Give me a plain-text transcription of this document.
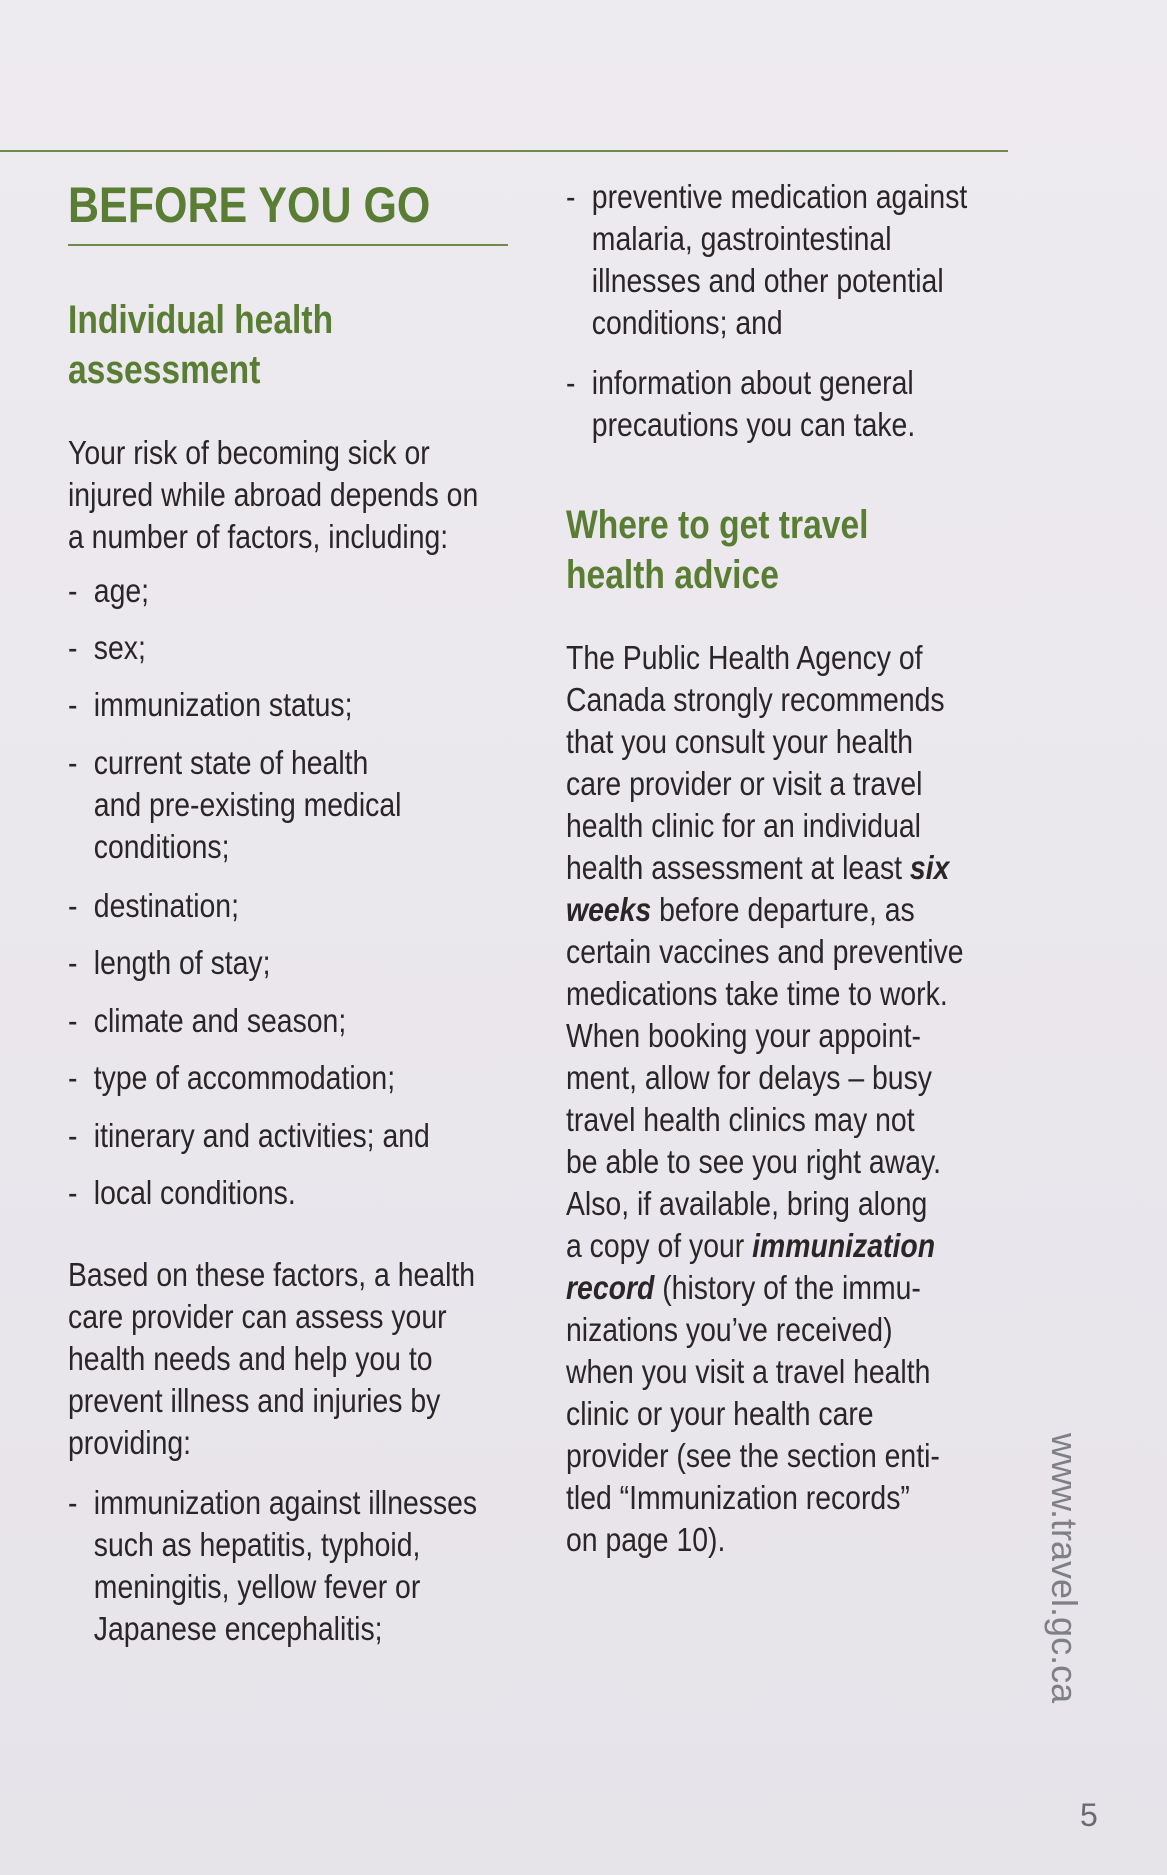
BEFORE YOU GO
Individual health
assessment
Your risk of becoming sick or
injured while abroad depends on
a number of factors, including:
- age;
- sex;
- immunization status;
- current state of health
and pre-existing medical
conditions;
- destination;
- length of stay;
- climate and season;
- type of accommodation;
- itinerary and activities; and
- local conditions.
Based on these factors, a health
care provider can assess your
health needs and help you to
prevent illness and injuries by
providing:
- immunization against illnesses
such as hepatitis, typhoid,
meningitis, yellow fever or
Japanese encephalitis;
- preventive medication against
malaria, gastrointestinal
illnesses and other potential
conditions; and
- information about general
precautions you can take.
Where to get travel
health advice
The Public Health Agency of
Canada strongly recommends
that you consult your health
care provider or visit a travel
health clinic for an individual
health assessment at least six
weeks before departure, as
certain vaccines and preventive
medications take time to work.
When booking your appoint-
ment, allow for delays – busy
travel health clinics may not
be able to see you right away.
Also, if available, bring along
a copy of your immunization
record (history of the immu-
nizations you’ve received)
when you visit a travel health
clinic or your health care
provider (see the section enti-
tled “Immunization records”
on page 10).	www.travel.gc.ca
5
